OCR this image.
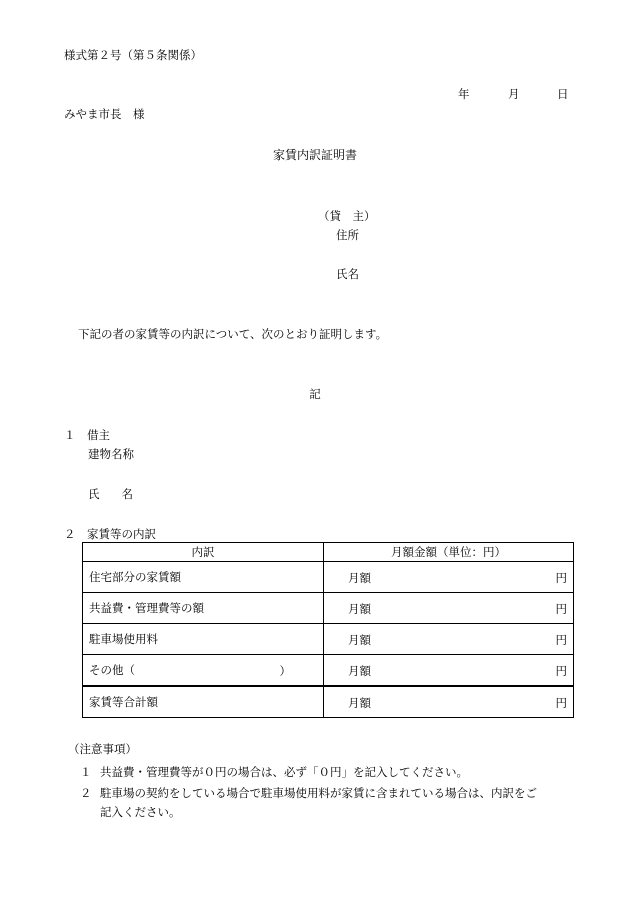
様式第２号（第５条関係）
年	月	日
みやま市長　様
家賃内訳証明書
（貸　主）
住所
氏名
下記の者の家賃等の内訳について、次のとおり証明します。
記
１　借主
建物名称
氏 名
２　家賃等の内訳
内訳	月額金額（単位：円）
住宅部分の家賃額	月額 円

共益費・管理費等の額	月額 円

駐車場使用料	月額 円

その他（ ）	月額 円

家賃等合計額	月額 円
（注意事項）
１ 共益費・管理費等が０円の場合は、必ず「０円」を記入してください。
２ 駐車場の契約をしている場合で駐車場使用料が家賃に含まれている場合は、内訳をご
記入ください。
